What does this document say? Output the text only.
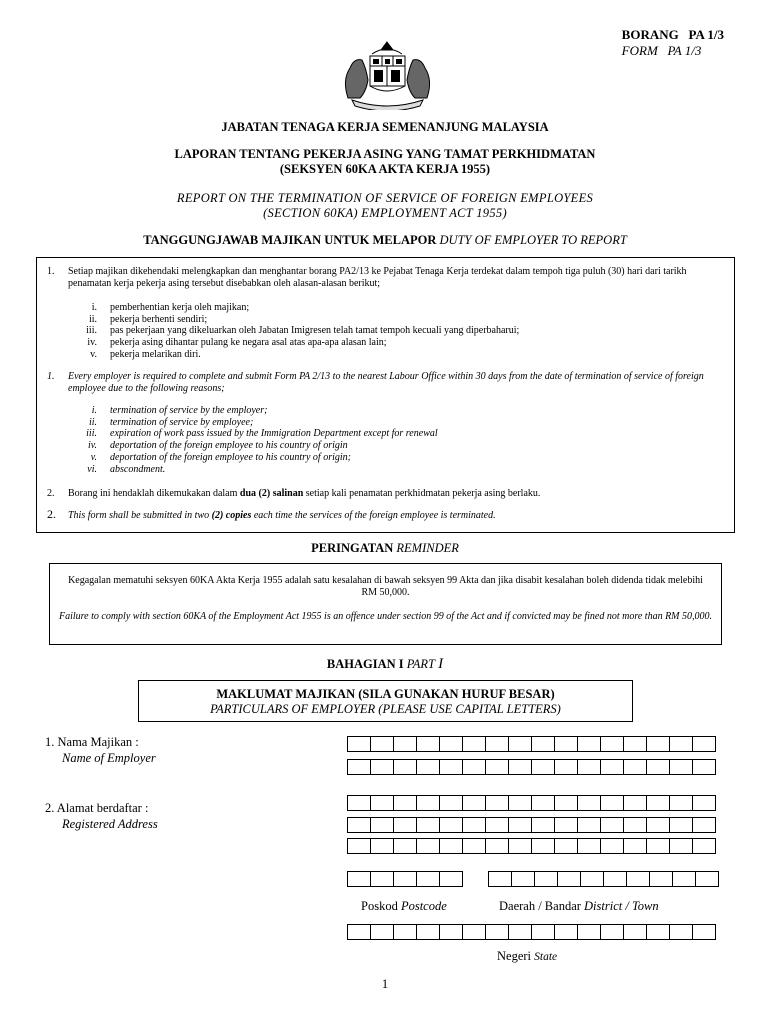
BORANG   PA 1/3
FORM   PA 1/3
JABATAN TENAGA KERJA SEMENANJUNG MALAYSIA
LAPORAN TENTANG PEKERJA ASING YANG TAMAT PERKHIDMATAN
(SEKSYEN 60KA AKTA KERJA 1955)
REPORT ON THE TERMINATION OF SERVICE OF FOREIGN EMPLOYEES
(SECTION 60KA) EMPLOYMENT ACT 1955)
TANGGUNGJAWAB MAJIKAN UNTUK MELAPOR DUTY OF EMPLOYER TO REPORT
1. Setiap majikan dikehendaki melengkapkan dan menghantar borang PA2/13 ke Pejabat Tenaga Kerja terdekat dalam tempoh tiga puluh (30) hari dari tarikh penamatan kerja pekerja asing tersebut disebabkan oleh alasan-alasan berikut;
i. pemberhentian kerja oleh majikan;
ii. pekerja berhenti sendiri;
iii. pas pekerjaan yang dikeluarkan oleh Jabatan Imigresen telah tamat tempoh kecuali yang diperbaharui;
iv. pekerja asing dihantar pulang ke negara asal atas apa-apa alasan lain;
v. pekerja melarikan diri.
1. Every employer is required to complete and submit Form PA 2/13 to the nearest Labour Office within 30 days from the date of termination of service of foreign employee due to the following reasons;
i. termination of service by the employer;
ii. termination of service by employee;
iii. expiration of work pass issued by the Immigration Department except for renewal
iv. deportation of the foreign employee to his country of origin
v. deportation of the foreign employee to his country of origin;
vi. abscondment.
2. Borang ini hendaklah dikemukakan dalam dua (2) salinan setiap kali penamatan perkhidmatan pekerja asing berlaku.
2. This form shall be submitted in two (2) copies each time the services of the foreign employee is terminated.
PERINGATAN REMINDER
Kegagalan mematuhi seksyen 60KA Akta Kerja 1955 adalah satu kesalahan di bawah seksyen 99 Akta dan jika disabit kesalahan boleh didenda tidak melebihi RM 50,000.
Failure to comply with section 60KA of the Employment Act 1955 is an offence under section 99 of the Act and if convicted may be fined not more than RM 50,000.
BAHAGIAN I PART I
MAKLUMAT MAJIKAN (SILA GUNAKAN HURUF BESAR)
PARTICULARS OF EMPLOYER (PLEASE USE CAPITAL LETTERS)
1. Nama Majikan :
Name of Employer
2. Alamat berdaftar :
Registered Address
Poskod Postcode	Daerah / Bandar District / Town
Negeri State
1
